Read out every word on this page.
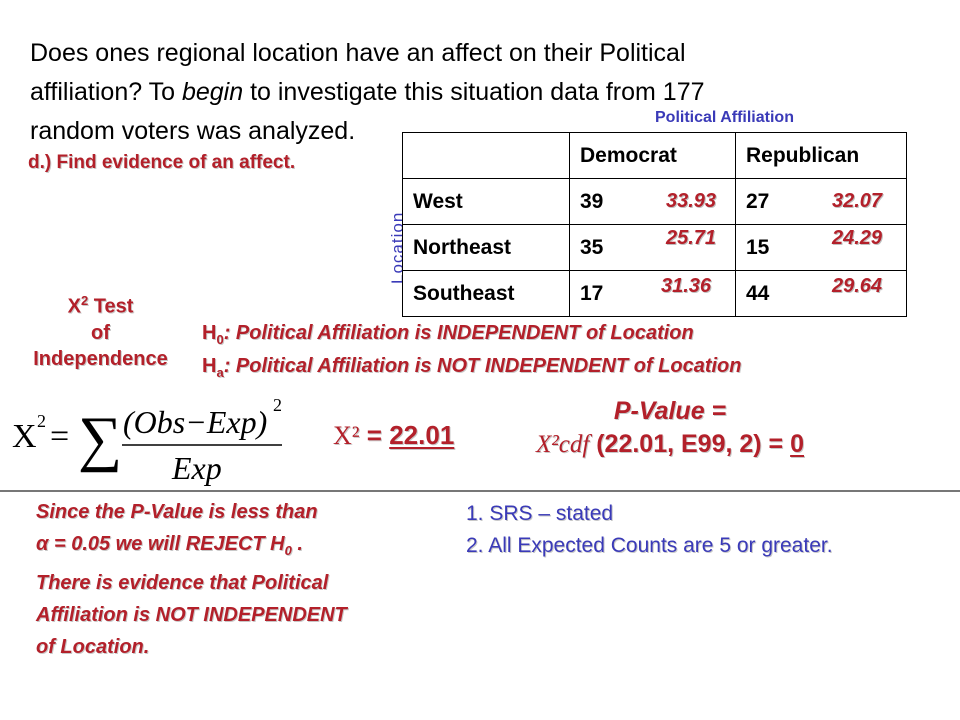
Does ones regional location have an affect on their Political
affiliation? To begin to investigate this situation data from 177
random voters was analyzed.
d.) Find evidence of an affect.
Political Affiliation
Location
	Democrat	Republican
West	39 33.93	27 32.07

Northeast	35 25.71	15 24.29

Southeast	17 31.36	44 29.64
$X^2$ Test
of
Independence
$H_0$: Political Affiliation is INDEPENDENT of Location
$H_a$: Political Affiliation is NOT INDEPENDENT of Location
X 2 = ∑ (Obs−Exp) 2
Exp
X² = 22.01
P-Value =
X²cdf (22.01, E99, 2) = 0
Since the P-Value is less than
α = 0.05 we will REJECT $H_0$ .
There is evidence that Political
Affiliation is NOT INDEPENDENT
of Location.
1. SRS – stated
2. All Expected Counts are 5 or greater.
